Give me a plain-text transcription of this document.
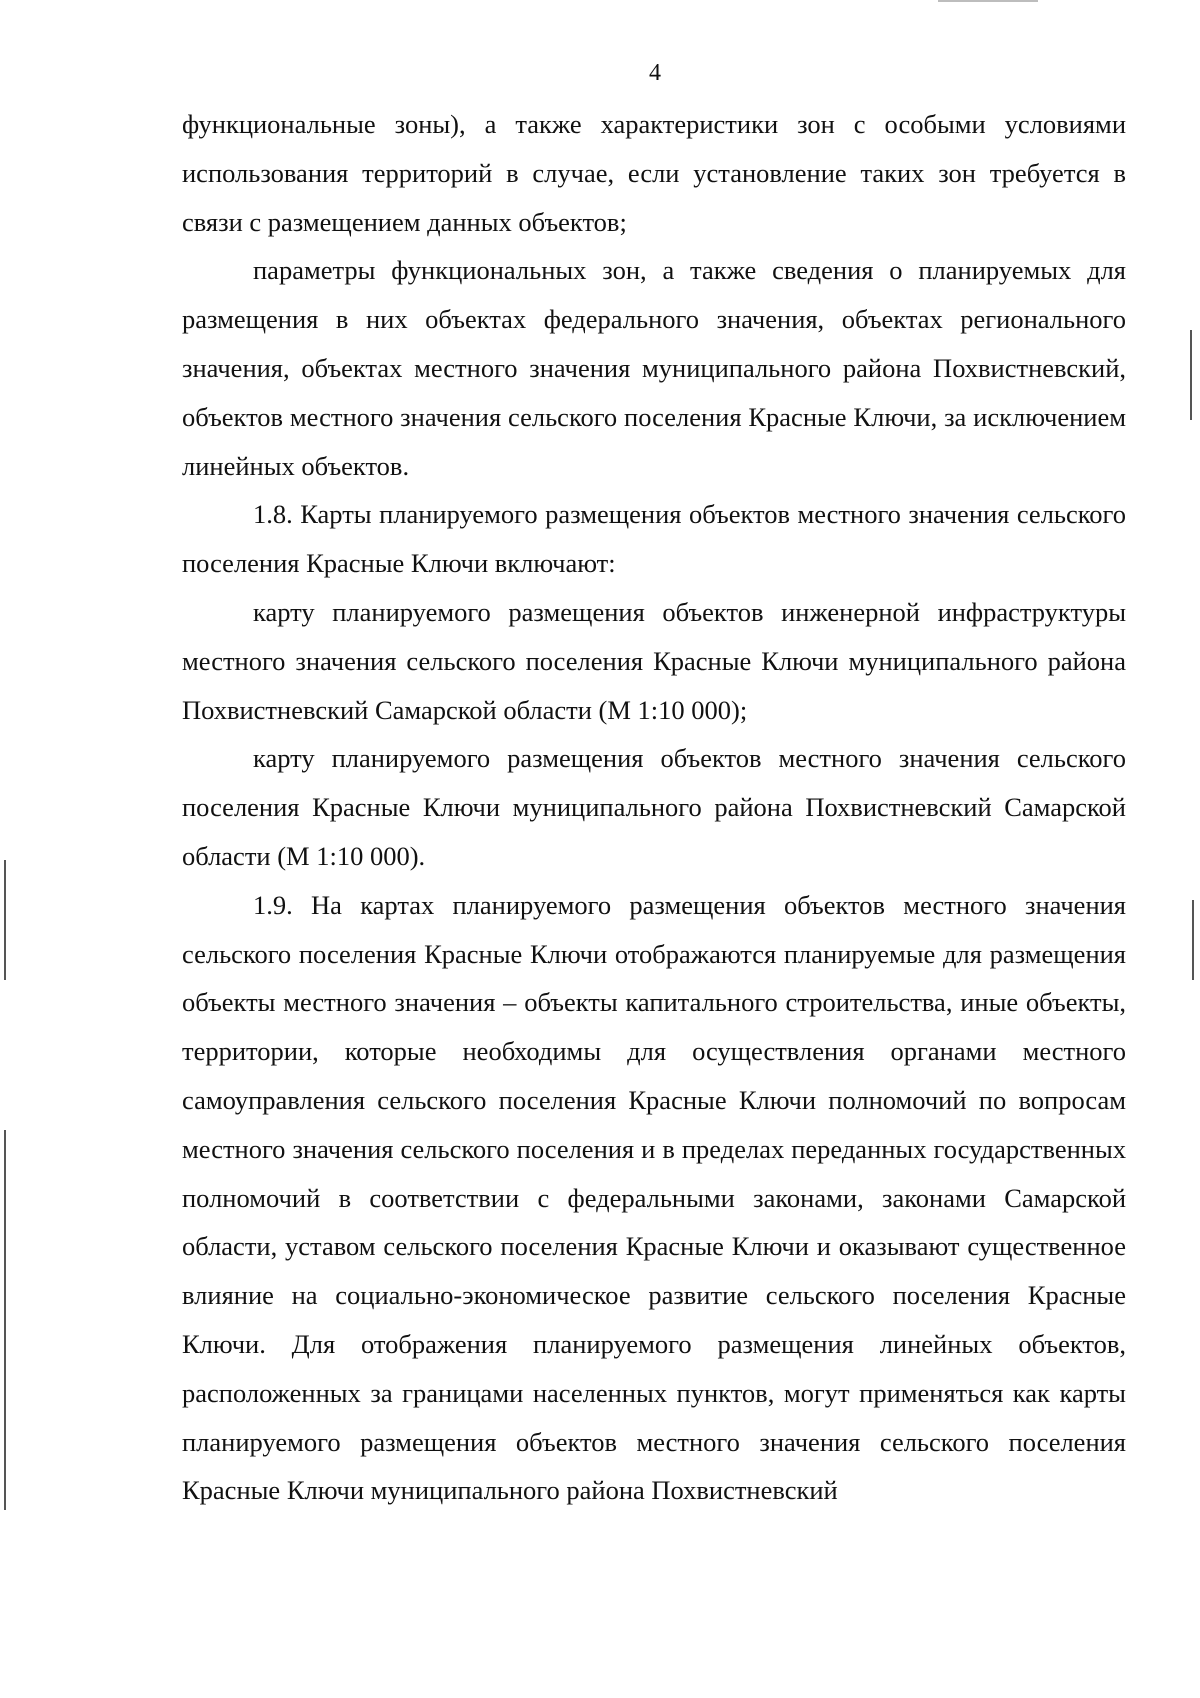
4

функциональные зоны), а также характеристики зон с особыми условиями использования территорий в случае, если установление таких зон требуется в связи с размещением данных объектов;

параметры функциональных зон, а также сведения о планируемых для размещения в них объектах федерального значения, объектах регионального значения, объектах местного значения муниципального района Похвистневский, объектов местного значения сельского поселения Красные Ключи, за исключением линейных объектов.

1.8. Карты планируемого размещения объектов местного значения сельского поселения Красные Ключи включают:

карту планируемого размещения объектов инженерной инфраструктуры местного значения сельского поселения Красные Ключи муниципального района Похвистневский Самарской области (М 1:10 000);

карту планируемого размещения объектов местного значения сельского поселения Красные Ключи муниципального района Похвистневский Самарской области (М 1:10 000).

1.9. На картах планируемого размещения объектов местного значения сельского поселения Красные Ключи отображаются планируемые для размещения объекты местного значения – объекты капитального строительства, иные объекты, территории, которые необходимы для осуществления органами местного самоуправления сельского поселения Красные Ключи полномочий по вопросам местного значения сельского поселения и в пределах переданных государственных полномочий в соответствии с федеральными законами, законами Самарской области, уставом сельского поселения Красные Ключи и оказывают существенное влияние на социально-экономическое развитие сельского поселения Красные Ключи. Для отображения планируемого размещения линейных объектов, расположенных за границами населенных пунктов, могут применяться как карты планируемого размещения объектов местного значения сельского поселения Красные Ключи муниципального района Похвистневский
